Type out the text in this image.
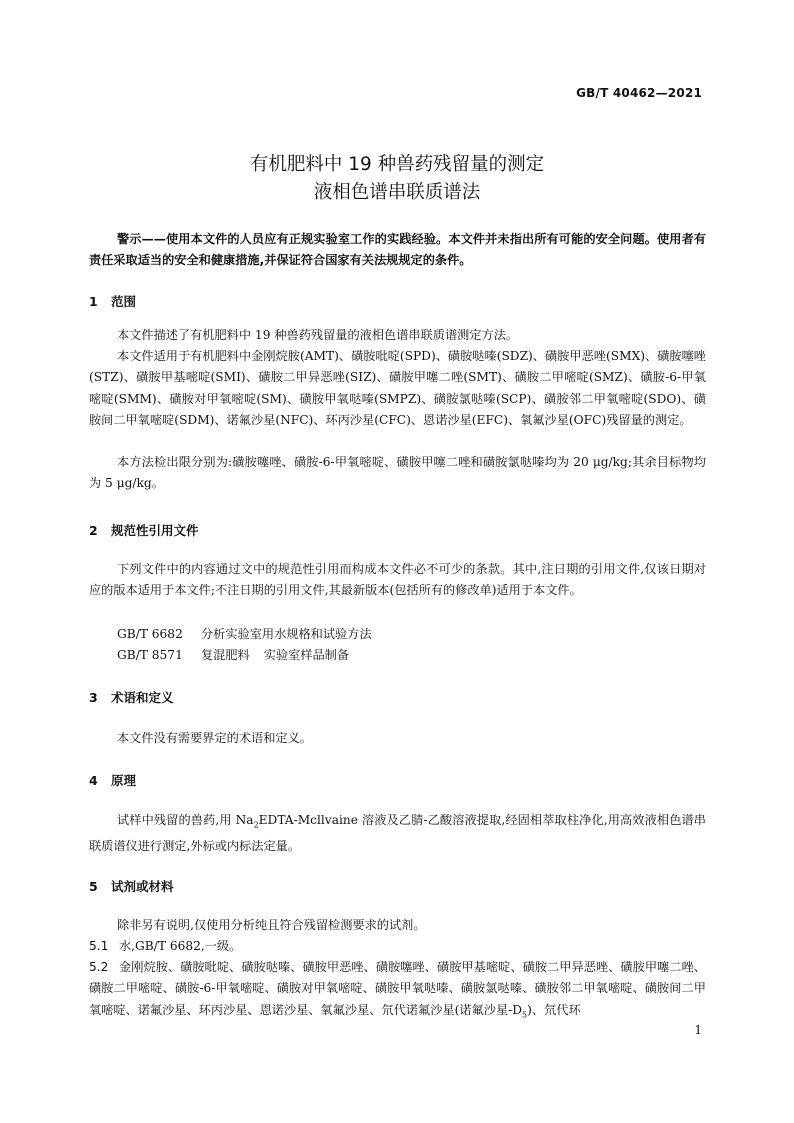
GB/T 40462—2021
有机肥料中 19 种兽药残留量的测定
液相色谱串联质谱法

警示——使用本文件的人员应有正规实验室工作的实践经验。本文件并未指出所有可能的安全问题。使用者有责任采取适当的安全和健康措施,并保证符合国家有关法规规定的条件。

1 范围

本文件描述了有机肥料中 19 种兽药残留量的液相色谱串联质谱测定方法。

本文件适用于有机肥料中金刚烷胺(AMT)、磺胺吡啶(SPD)、磺胺哒嗪(SDZ)、磺胺甲恶唑(SMX)、磺胺噻唑(STZ)、磺胺甲基嘧啶(SMI)、磺胺二甲异恶唑(SIZ)、磺胺甲噻二唑(SMT)、磺胺二甲嘧啶(SMZ)、磺胺-6-甲氧嘧啶(SMM)、磺胺对甲氧嘧啶(SM)、磺胺甲氧哒嗪(SMPZ)、磺胺氯哒嗪(SCP)、磺胺邻二甲氧嘧啶(SDO)、磺胺间二甲氧嘧啶(SDM)、诺氟沙星(NFC)、环丙沙星(CFC)、恩诺沙星(EFC)、氧氟沙星(OFC)残留量的测定。

本方法检出限分别为:磺胺噻唑、磺胺-6-甲氧嘧啶、磺胺甲噻二唑和磺胺氯哒嗪均为 20 μg/kg;其余目标物均为 5 μg/kg。

2 规范性引用文件

下列文件中的内容通过文中的规范性引用而构成本文件必不可少的条款。其中,注日期的引用文件,仅该日期对应的版本适用于本文件;不注日期的引用文件,其最新版本(包括所有的修改单)适用于本文件。

GB/T 6682 分析实验室用水规格和试验方法
GB/T 8571 复混肥料 实验室样品制备
3 术语和定义

本文件没有需要界定的术语和定义。

4 原理

试样中残留的兽药,用 $Na_2EDTA$-Mcllvaine 溶液及乙腈-乙酸溶液提取,经固相萃取柱净化,用高效液相色谱串联质谱仪进行测定,外标或内标法定量。

5 试剂或材料

除非另有说明,仅使用分析纯且符合残留检测要求的试剂。

5.1 水,GB/T 6682,一级。

5.2 金刚烷胺、磺胺吡啶、磺胺哒嗪、磺胺甲恶唑、磺胺噻唑、磺胺甲基嘧啶、磺胺二甲异恶唑、磺胺甲噻二唑、磺胺二甲嘧啶、磺胺-6-甲氧嘧啶、磺胺对甲氧嘧啶、磺胺甲氧哒嗪、磺胺氯哒嗪、磺胺邻二甲氧嘧啶、磺胺间二甲氧嘧啶、诺氟沙星、环丙沙星、恩诺沙星、氧氟沙星、氘代诺氟沙星(诺氟沙星$-D_5$)、氘代环

1
